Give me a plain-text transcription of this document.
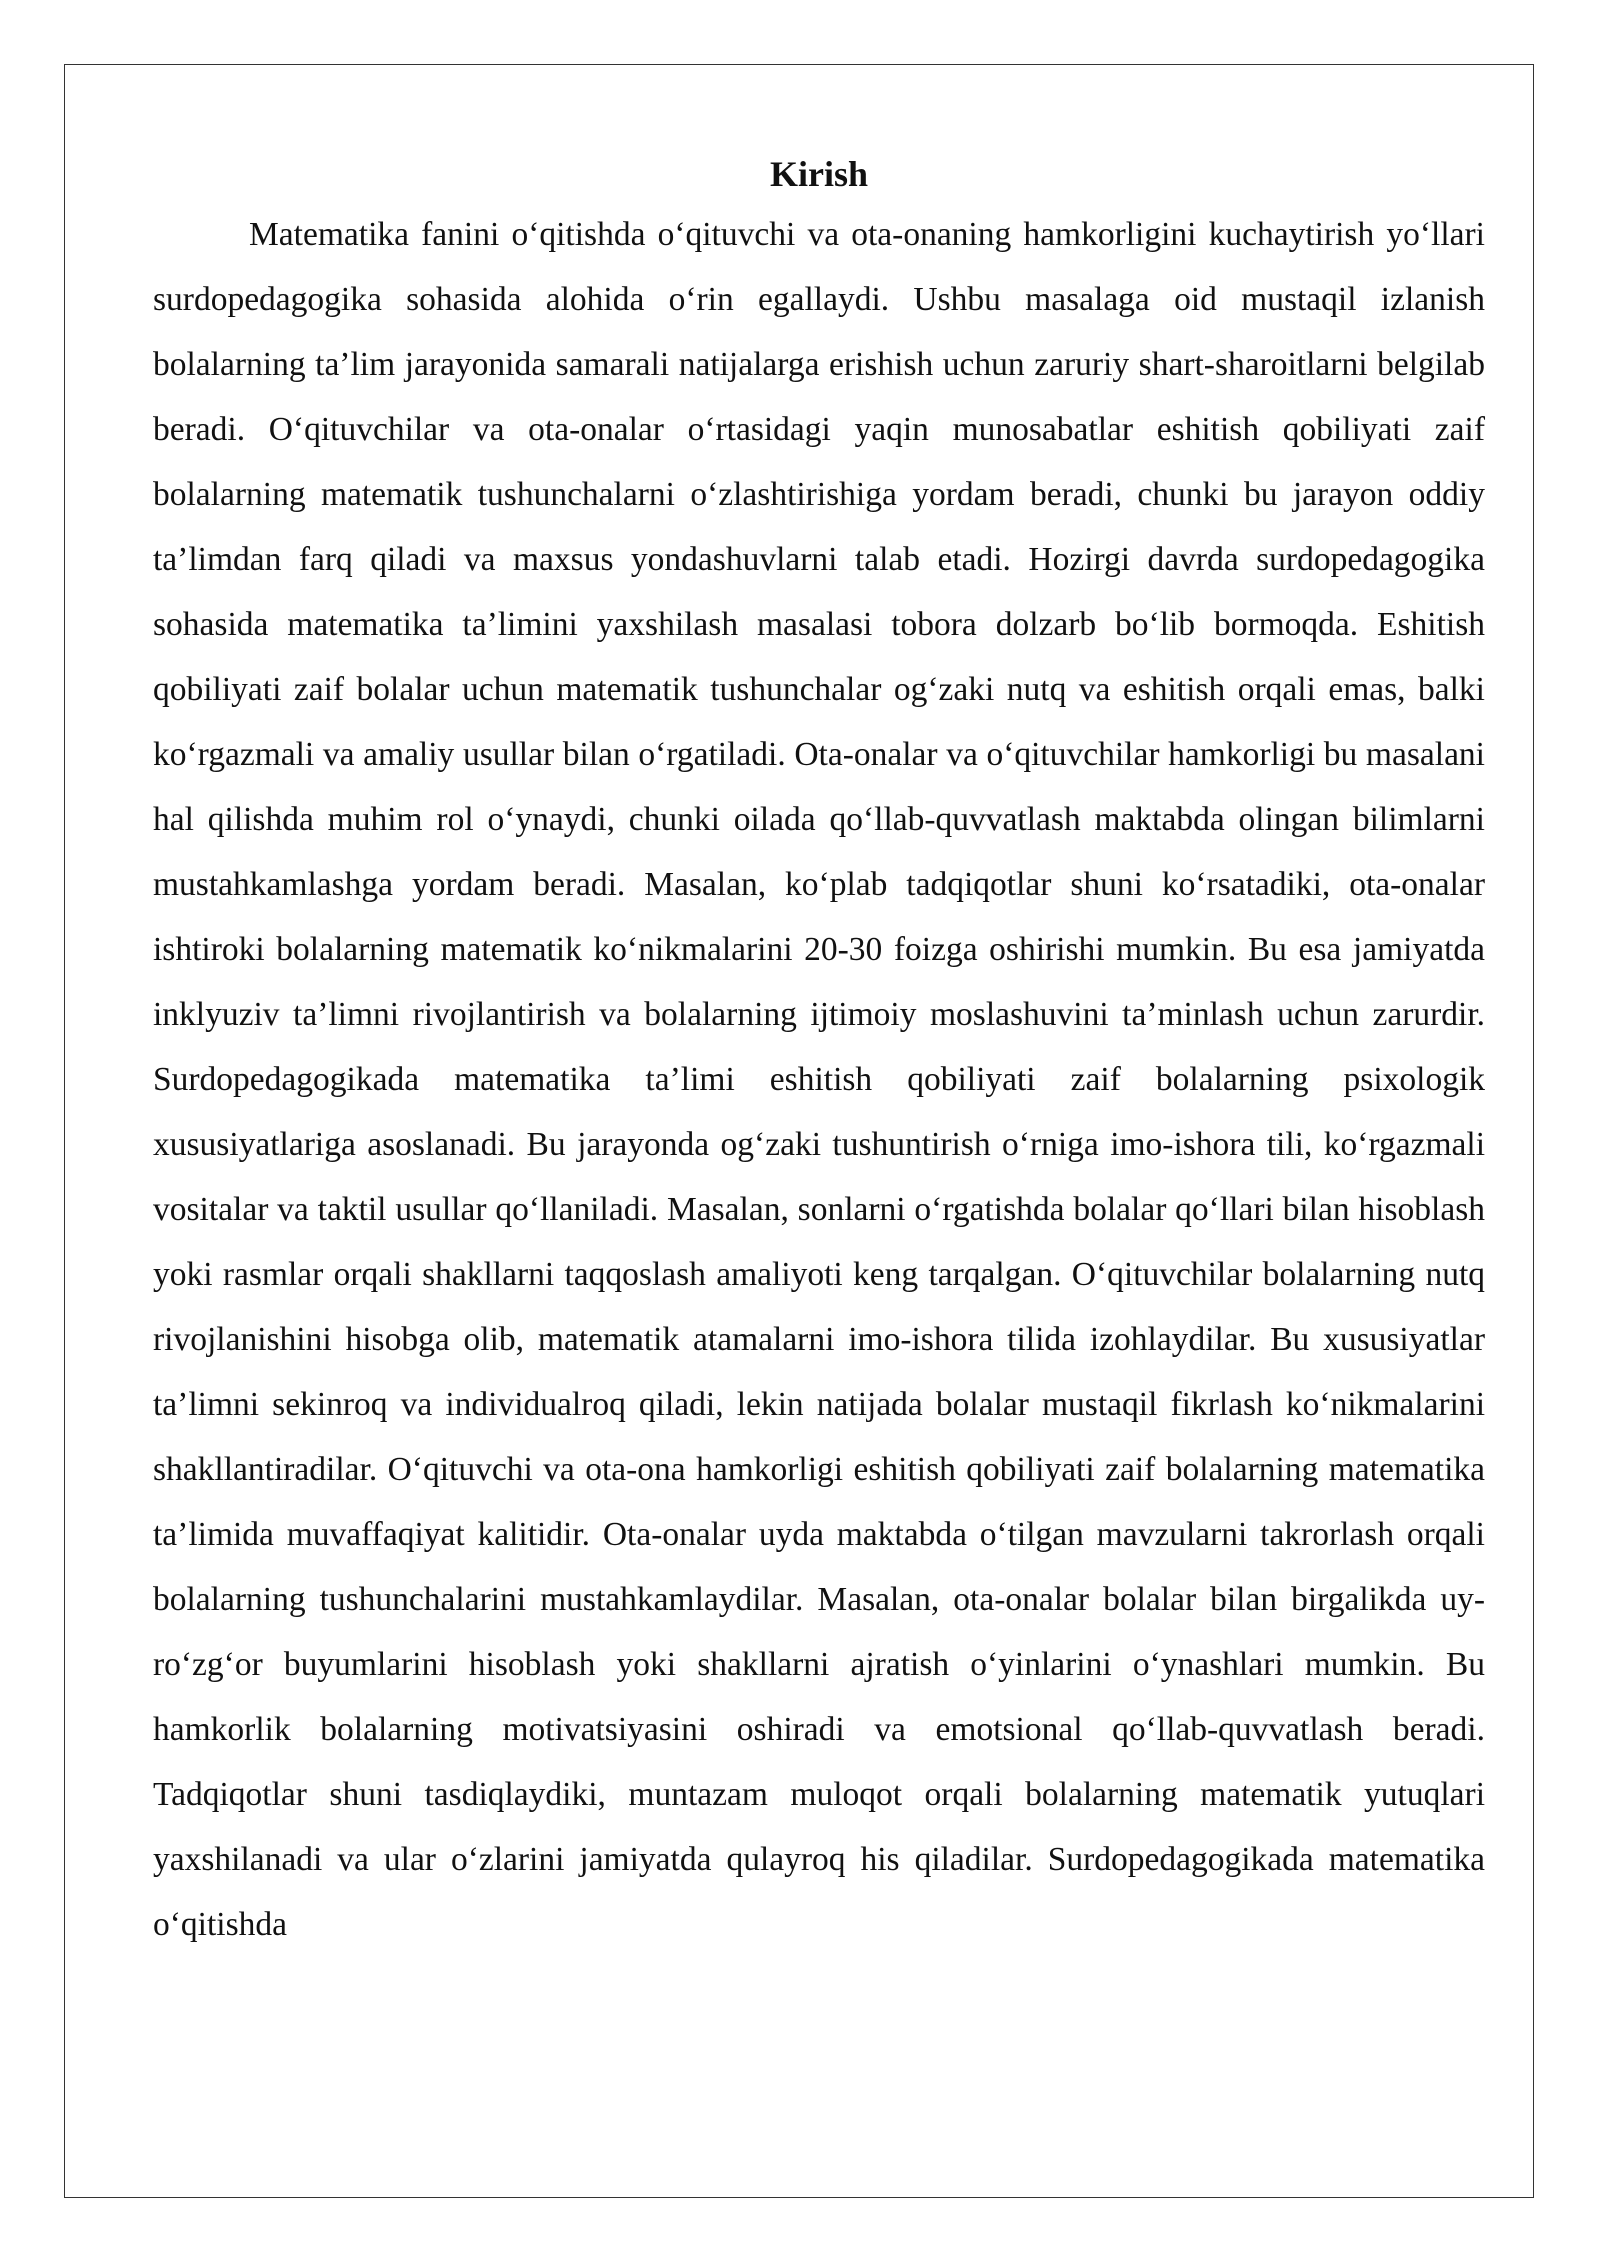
Kirish

Matematika fanini o‘qitishda o‘qituvchi va ota-onaning hamkorligini kuchaytirish yo‘llari surdopedagogika sohasida alohida o‘rin egallaydi. Ushbu masalaga oid mustaqil izlanish bolalarning ta’lim jarayonida samarali natijalarga erishish uchun zaruriy shart-sharoitlarni belgilab beradi. O‘qituvchilar va ota-onalar o‘rtasidagi yaqin munosabatlar eshitish qobiliyati zaif bolalarning matematik tushunchalarni o‘zlashtirishiga yordam beradi, chunki bu jarayon oddiy ta’limdan farq qiladi va maxsus yondashuvlarni talab etadi. Hozirgi davrda surdopedagogika sohasida matematika ta’limini yaxshilash masalasi tobora dolzarb bo‘lib bormoqda. Eshitish qobiliyati zaif bolalar uchun matematik tushunchalar og‘zaki nutq va eshitish orqali emas, balki ko‘rgazmali va amaliy usullar bilan o‘rgatiladi. Ota-onalar va o‘qituvchilar hamkorligi bu masalani hal qilishda muhim rol o‘ynaydi, chunki oilada qo‘llab-quvvatlash maktabda olingan bilimlarni mustahkamlashga yordam beradi. Masalan, ko‘plab tadqiqotlar shuni ko‘rsatadiki, ota-onalar ishtiroki bolalarning matematik ko‘nikmalarini 20-30 foizga oshirishi mumkin. Bu esa jamiyatda inklyuziv ta’limni rivojlantirish va bolalarning ijtimoiy moslashuvini ta’minlash uchun zarurdir. Surdopedagogikada matematika ta’limi eshitish qobiliyati zaif bolalarning psixologik xususiyatlariga asoslanadi. Bu jarayonda og‘zaki tushuntirish o‘rniga imo-ishora tili, ko‘rgazmali vositalar va taktil usullar qo‘llaniladi. Masalan, sonlarni o‘rgatishda bolalar qo‘llari bilan hisoblash yoki rasmlar orqali shakllarni taqqoslash amaliyoti keng tarqalgan. O‘qituvchilar bolalarning nutq rivojlanishini hisobga olib, matematik atamalarni imo-ishora tilida izohlaydilar. Bu xususiyatlar ta’limni sekinroq va individualroq qiladi, lekin natijada bolalar mustaqil fikrlash ko‘nikmalarini shakllantiradilar. O‘qituvchi va ota-ona hamkorligi eshitish qobiliyati zaif bolalarning matematika ta’limida muvaffaqiyat kalitidir. Ota-onalar uyda maktabda o‘tilgan mavzularni takrorlash orqali bolalarning tushunchalarini mustahkamlaydilar. Masalan, ota-onalar bolalar bilan birgalikda uy-ro‘zg‘or buyumlarini hisoblash yoki shakllarni ajratish o‘yinlarini o‘ynashlari mumkin. Bu hamkorlik bolalarning motivatsiyasini oshiradi va emotsional qo‘llab-quvvatlash beradi. Tadqiqotlar shuni tasdiqlaydiki, muntazam muloqot orqali bolalarning matematik yutuqlari yaxshilanadi va ular o‘zlarini jamiyatda qulayroq his qiladilar. Surdopedagogikada matematika o‘qitishda
